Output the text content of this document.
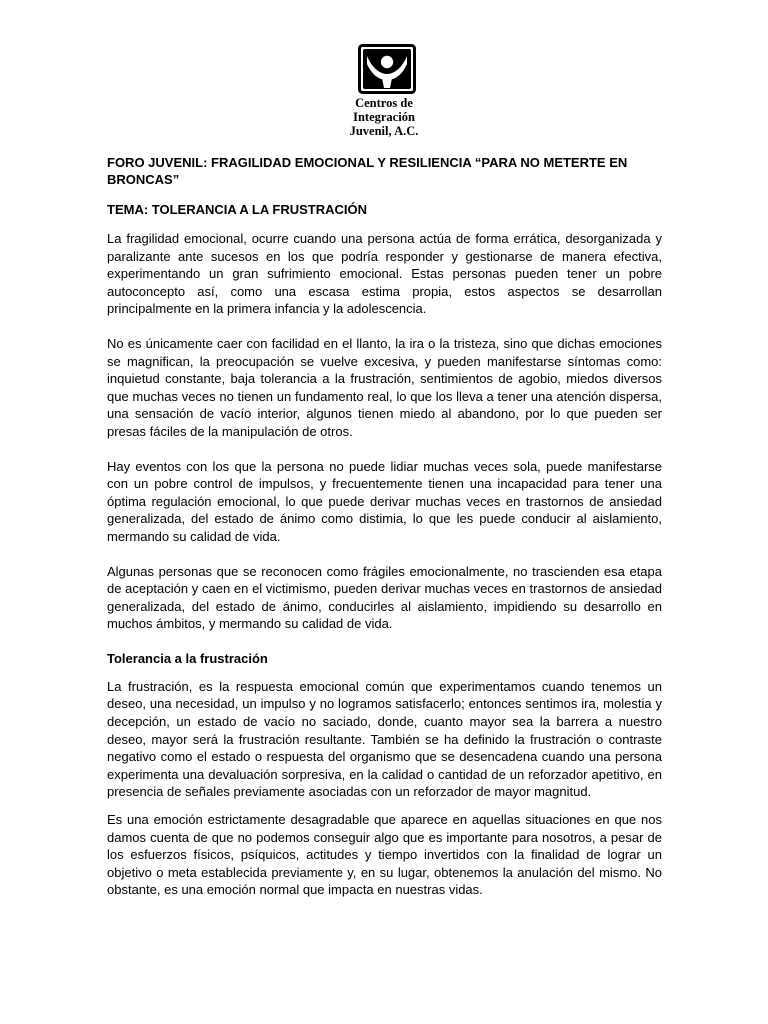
Centros de
Integración
Juvenil, A.C.
FORO JUVENIL: FRAGILIDAD EMOCIONAL Y RESILIENCIA “PARA NO METERTE EN BRONCAS”
TEMA: TOLERANCIA A LA FRUSTRACIÓN

La fragilidad emocional, ocurre cuando una persona actúa de forma errática, desorganizada y paralizante ante sucesos en los que podría responder y gestionarse de manera efectiva, experimentando un gran sufrimiento emocional. Estas personas pueden tener un pobre autoconcepto así, como una escasa estima propia, estos aspectos se desarrollan principalmente en la primera infancia y la adolescencia.

No es únicamente caer con facilidad en el llanto, la ira o la tristeza, sino que dichas emociones se magnifican, la preocupación se vuelve excesiva, y pueden manifestarse síntomas como: inquietud constante, baja tolerancia a la frustración, sentimientos de agobio, miedos diversos que muchas veces no tienen un fundamento real, lo que los lleva a tener una atención dispersa, una sensación de vacío interior, algunos tienen miedo al abandono, por lo que pueden ser presas fáciles de la manipulación de otros.

Hay eventos con los que la persona no puede lidiar muchas veces sola, puede manifestarse con un pobre control de impulsos, y frecuentemente tienen una incapacidad para tener una óptima regulación emocional, lo que puede derivar muchas veces en trastornos de ansiedad generalizada, del estado de ánimo como distimia, lo que les puede conducir al aislamiento, mermando su calidad de vida.

Algunas personas que se reconocen como frágiles emocionalmente, no trascienden esa etapa de aceptación y caen en el victimismo, pueden derivar muchas veces en trastornos de ansiedad generalizada, del estado de ánimo, conducirles al aislamiento, impidiendo su desarrollo en muchos ámbitos, y mermando su calidad de vida.

Tolerancia a la frustración

La frustración, es la respuesta emocional común que experimentamos cuando tenemos un deseo, una necesidad, un impulso y no logramos satisfacerlo; entonces sentimos ira, molestia y decepción, un estado de vacío no saciado, donde, cuanto mayor sea la barrera a nuestro deseo, mayor será la frustración resultante. También se ha definido la frustración o contraste negativo como el estado o respuesta del organismo que se desencadena cuando una persona experimenta una devaluación sorpresiva, en la calidad o cantidad de un reforzador apetitivo, en presencia de señales previamente asociadas con un reforzador de mayor magnitud.

Es una emoción estrictamente desagradable que aparece en aquellas situaciones en que nos damos cuenta de que no podemos conseguir algo que es importante para nosotros, a pesar de los esfuerzos físicos, psíquicos, actitudes y tiempo invertidos con la finalidad de lograr un objetivo o meta establecida previamente y, en su lugar, obtenemos la anulación del mismo. No obstante, es una emoción normal que impacta en nuestras vidas.
